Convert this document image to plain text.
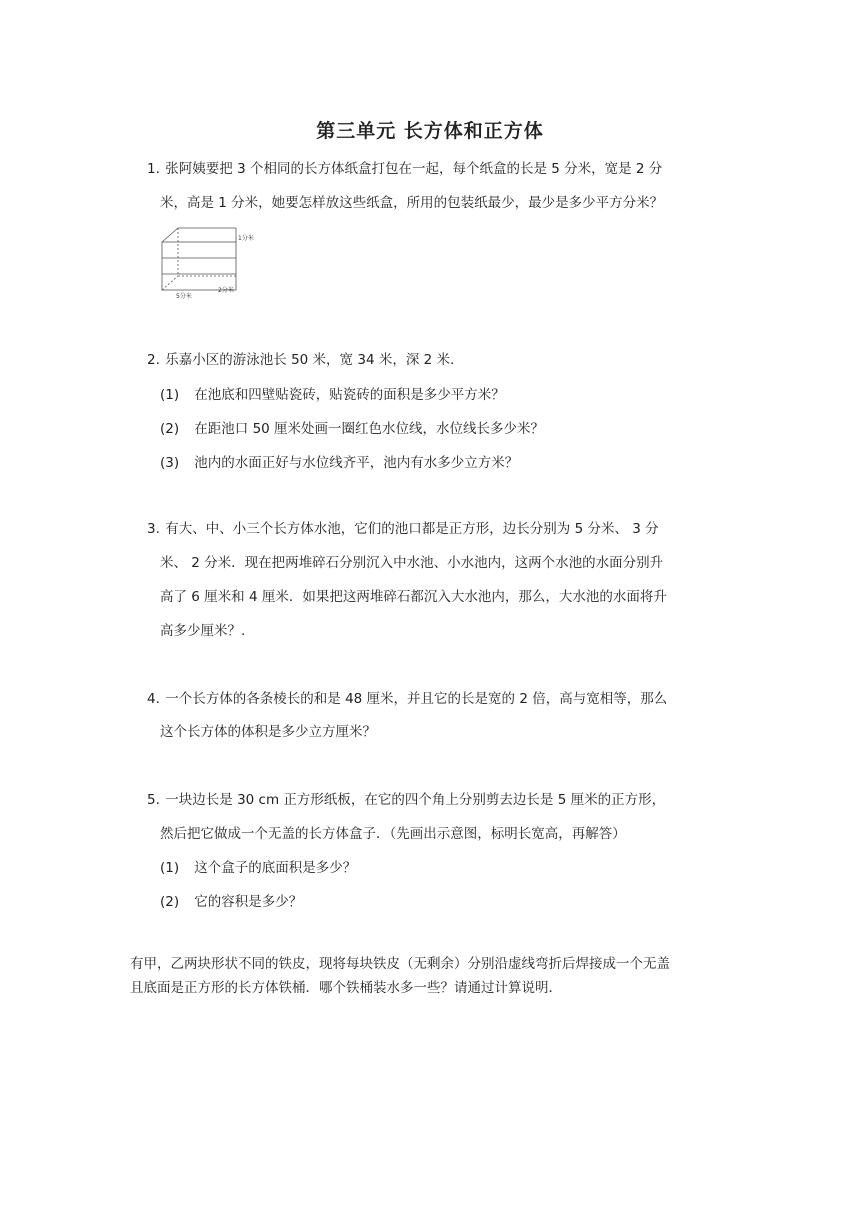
第三单元 长方体和正方体
1. 张阿姨要把 3 个相同的长方体纸盒打包在一起，每个纸盒的长是 5 分米，宽是 2 分
米，高是 1 分米，她要怎样放这些纸盒，所用的包装纸最少，最少是多少平方分米？
1分米
5分米
2分米
2. 乐嘉小区的游泳池长 50 米，宽 34 米，深 2 米.
(1) 在池底和四壁贴瓷砖，贴瓷砖的面积是多少平方米？
(2) 在距池口 50 厘米处画一圈红色水位线，水位线长多少米？
(3) 池内的水面正好与水位线齐平，池内有水多少立方米？
3. 有大、中、小三个长方体水池，它们的池口都是正方形，边长分别为 5 分米、 3 分
米、 2 分米．现在把两堆碎石分别沉入中水池、小水池内，这两个水池的水面分别升
高了 6 厘米和 4 厘米．如果把这两堆碎石都沉入大水池内，那么，大水池的水面将升
高多少厘米？.
4. 一个长方体的各条棱长的和是 48 厘米，并且它的长是宽的 2 倍，高与宽相等，那么
这个长方体的体积是多少立方厘米？
5. 一块边长是 30 cm 正方形纸板，在它的四个角上分别剪去边长是 5 厘米的正方形，
然后把它做成一个无盖的长方体盒子．（先画出示意图，标明长宽高，再解答）
(1) 这个盒子的底面积是多少？
(2) 它的容积是多少？
有甲，乙两块形状不同的铁皮，现将每块铁皮（无剩余）分别沿虚线弯折后焊接成一个无盖
且底面是正方形的长方体铁桶．哪个铁桶装水多一些？请通过计算说明．
